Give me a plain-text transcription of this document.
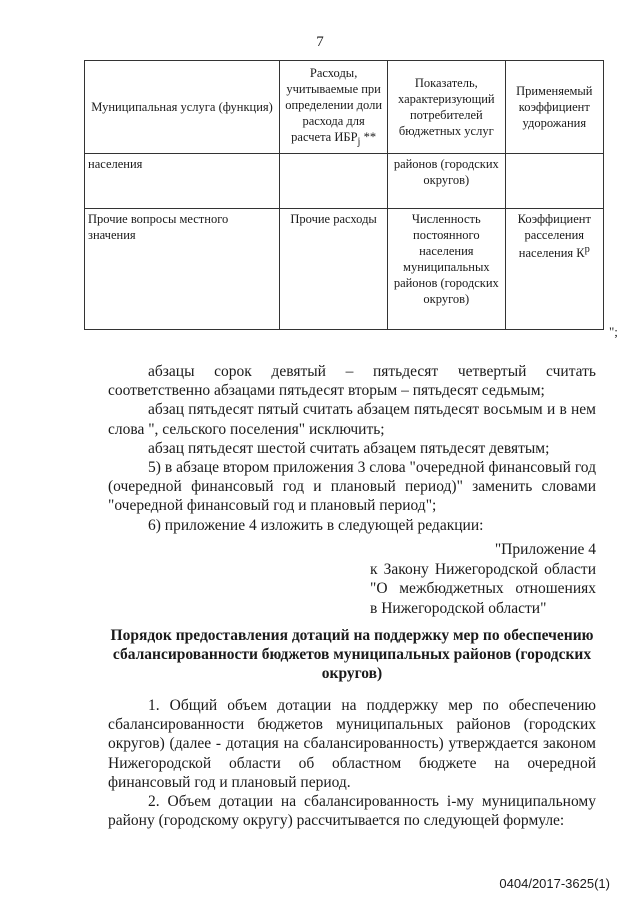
7
Муниципальная услуга (функция)	Расходы, учитываемые при определении доли расхода для расчета $ИБР_j$ **	Показатель, характеризующий потребителей бюджетных услуг	Применяемый коэффициент удорожания
населения		районов (городских округов)	
Прочие вопросы местного значения	Прочие расходы	Численность постоянного населения муниципальных районов (городских округов)	Коэффициент расселения населения $К^р$
";

абзацы сорок девятый – пятьдесят четвертый считать соответственно абзацами пятьдесят вторым – пятьдесят седьмым;

абзац пятьдесят пятый считать абзацем пятьдесят восьмым и в нем слова ", сельского поселения" исключить;

абзац пятьдесят шестой считать абзацем пятьдесят девятым;

5) в абзаце втором приложения 3 слова "очередной финансовый год (очередной финансовый год и плановый период)" заменить словами "очередной финансовый год и плановый период";

6) приложение 4 изложить в следующей редакции:

"Приложение 4
к Закону Нижегородской области
"О межбюджетных отношениях
в Нижегородской области"
Порядок предоставления дотаций на поддержку мер по обеспечению сбалансированности бюджетов муниципальных районов (городских округов)

1. Общий объем дотации на поддержку мер по обеспечению сбалансированности бюджетов муниципальных районов (городских округов) (далее - дотация на сбалансированность) утверждается законом Нижегородской области об областном бюджете на очередной финансовый год и плановый период.

2. Объем дотации на сбалансированность i-му муниципальному району (городскому округу) рассчитывается по следующей формуле:

0404/2017-3625(1)
